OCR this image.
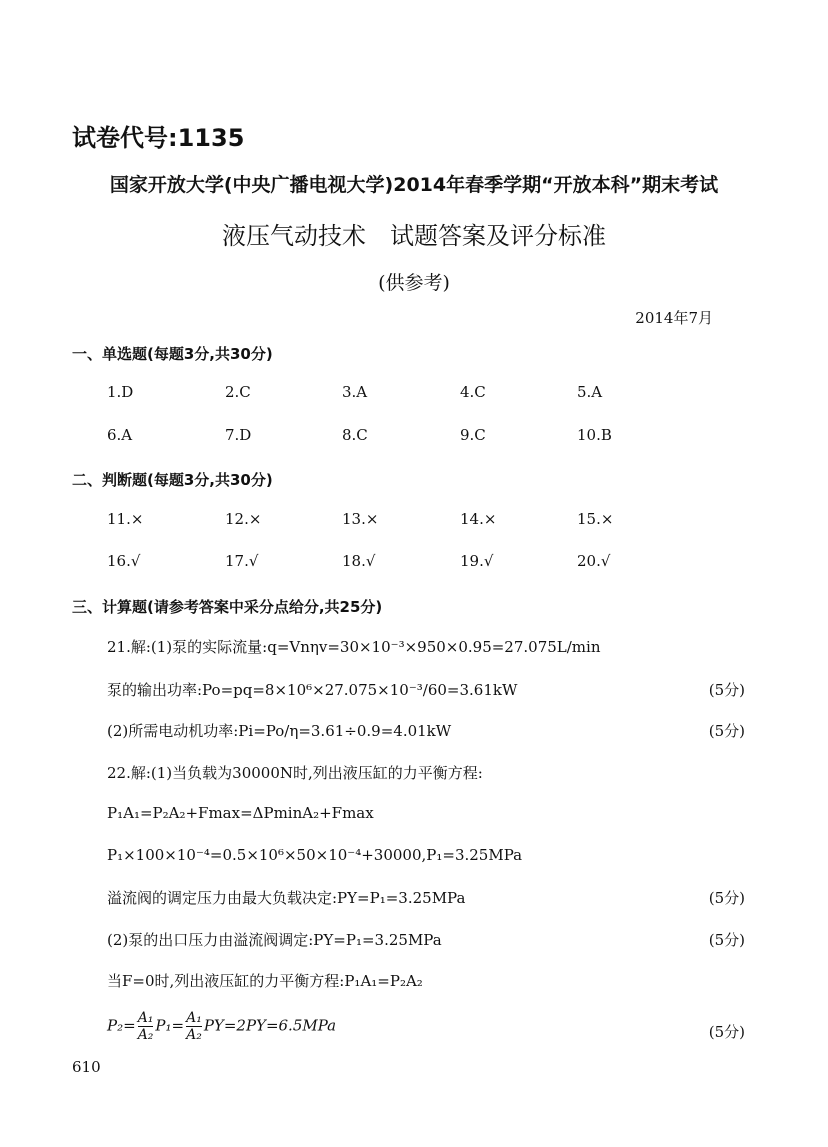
试卷代号:1135
国家开放大学(中央广播电视大学)2014年春季学期“开放本科”期末考试
液压气动技术　试题答案及评分标准
(供参考)
2014年7月
一、单选题(每题3分,共30分)
1.D	2.C	3.A	4.C	5.A
6.A	7.D	8.C	9.C	10.B
二、判断题(每题3分,共30分)
11.×	12.×	13.×	14.×	15.×
16.√	17.√	18.√	19.√	20.√
三、计算题(请参考答案中采分点给分,共25分)
21.解:(1)泵的实际流量:q=Vnηv=30×10⁻³×950×0.95=27.075L/min
泵的输出功率:Po=pq=8×10⁶×27.075×10⁻³/60=3.61kW	(5分)
(2)所需电动机功率:Pi=Po/η=3.61÷0.9=4.01kW	(5分)
22.解:(1)当负载为30000N时,列出液压缸的力平衡方程:
P₁A₁=P₂A₂+Fmax=ΔPminA₂+Fmax
P₁×100×10⁻⁴=0.5×10⁶×50×10⁻⁴+30000,P₁=3.25MPa
溢流阀的调定压力由最大负载决定:PY=P₁=3.25MPa	(5分)
(2)泵的出口压力由溢流阀调定:PY=P₁=3.25MPa	(5分)
当F=0时,列出液压缸的力平衡方程:P₁A₁=P₂A₂
$P_2= \frac{\text{A₁}}{\text{A₂}} P_1= \frac{\text{A₁}}{\text{A₂}} PY=2PY=6.5MPa$	(5分)
610
